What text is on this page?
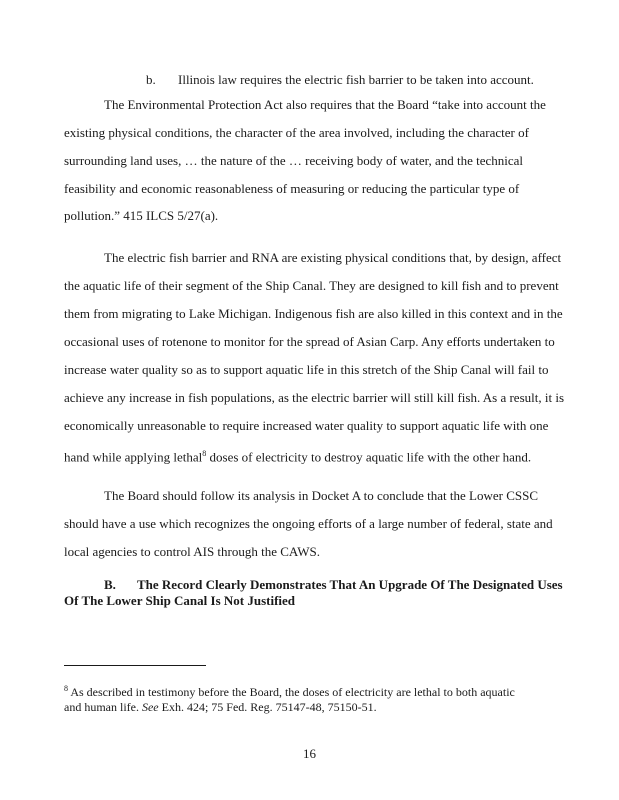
b. Illinois law requires the electric fish barrier to be taken into account.
The Environmental Protection Act also requires that the Board “take into account the
existing physical conditions, the character of the area involved, including the character of
surrounding land uses, … the nature of the … receiving body of water, and the technical
feasibility and economic reasonableness of measuring or reducing the particular type of
pollution.” 415 ILCS 5/27(a).
The electric fish barrier and RNA are existing physical conditions that, by design, affect
the aquatic life of their segment of the Ship Canal. They are designed to kill fish and to prevent
them from migrating to Lake Michigan. Indigenous fish are also killed in this context and in the
occasional uses of rotenone to monitor for the spread of Asian Carp. Any efforts undertaken to
increase water quality so as to support aquatic life in this stretch of the Ship Canal will fail to
achieve any increase in fish populations, as the electric barrier will still kill fish. As a result, it is
economically unreasonable to require increased water quality to support aquatic life with one
hand while applying lethal$^8$ doses of electricity to destroy aquatic life with the other hand.
The Board should follow its analysis in Docket A to conclude that the Lower CSSC
should have a use which recognizes the ongoing efforts of a large number of federal, state and
local agencies to control AIS through the CAWS.
B. The Record Clearly Demonstrates That An Upgrade Of The Designated Uses
Of The Lower Ship Canal Is Not Justified
$^8$ As described in testimony before the Board, the doses of electricity are lethal to both aquatic
and human life. See Exh. 424; 75 Fed. Reg. 75147-48, 75150-51.
16
